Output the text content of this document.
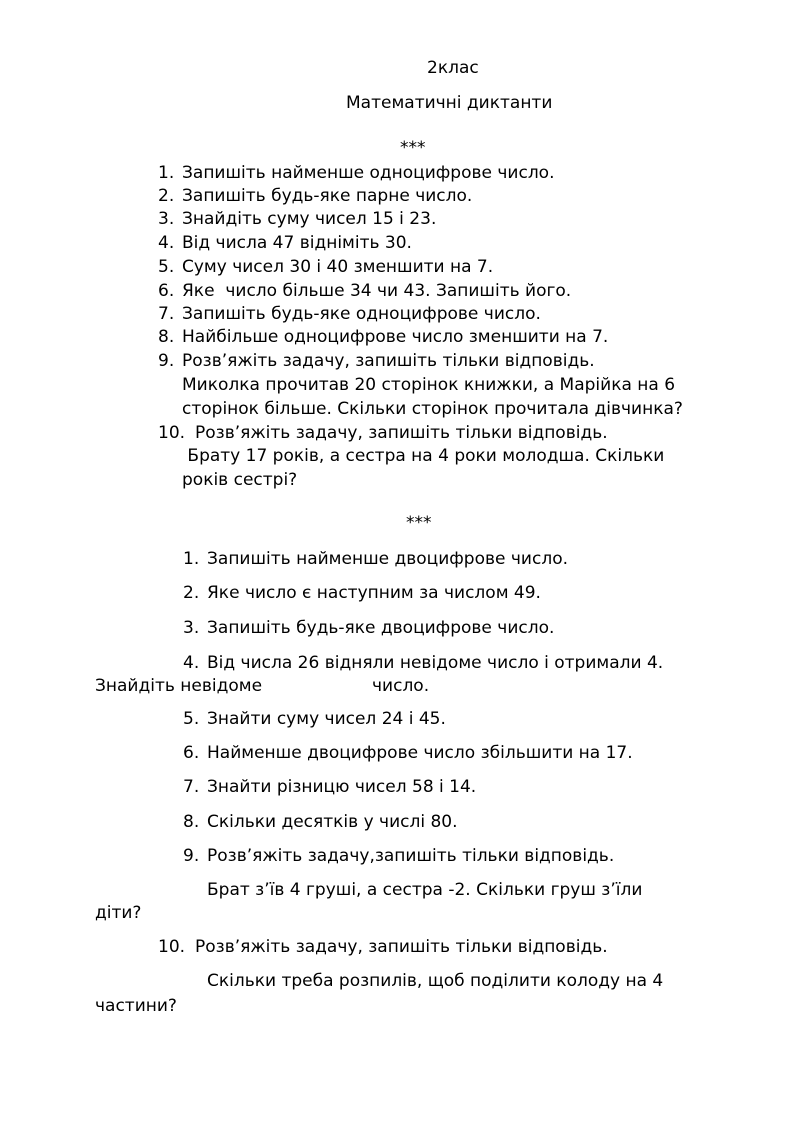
2клас
Математичні диктанти
***
1. Запишіть найменше одноцифрове число.
2. Запишіть будь-яке парне число.
3. Знайдіть суму чисел 15 і 23.
4. Від числа 47 відніміть 30.
5. Суму чисел 30 і 40 зменшити на 7.
6. Яке  число більше 34 чи 43. Запишіть його.
7. Запишіть будь-яке одноцифрове число.
8. Найбільше одноцифрове число зменшити на 7.
9. Розв’яжіть задачу, запишіть тільки відповідь.
Миколка прочитав 20 сторінок книжки, а Марійка на 6
сторінок більше. Скільки сторінок прочитала дівчинка?
10. Розв’яжіть задачу, запишіть тільки відповідь.
Брату 17 років, а сестра на 4 роки молодша. Скільки
років сестрі?
***
1. Запишіть найменше двоцифрове число.
2. Яке число є наступним за числом 49.
3. Запишіть будь-яке двоцифрове число.
4. Від числа 26 відняли невідоме число і отримали 4.
Знайдіть невідоме	число.
5. Знайти суму чисел 24 і 45.
6. Найменше двоцифрове число збільшити на 17.
7. Знайти різницю чисел 58 і 14.
8. Скільки десятків у числі 80.
9. Розв’яжіть задачу,запишіть тільки відповідь.
Брат з’їв 4 груші, а сестра -2. Скільки груш з’їли
діти?
10. Розв’яжіть задачу, запишіть тільки відповідь.
Скільки треба розпилів, щоб поділити колоду на 4
частини?
